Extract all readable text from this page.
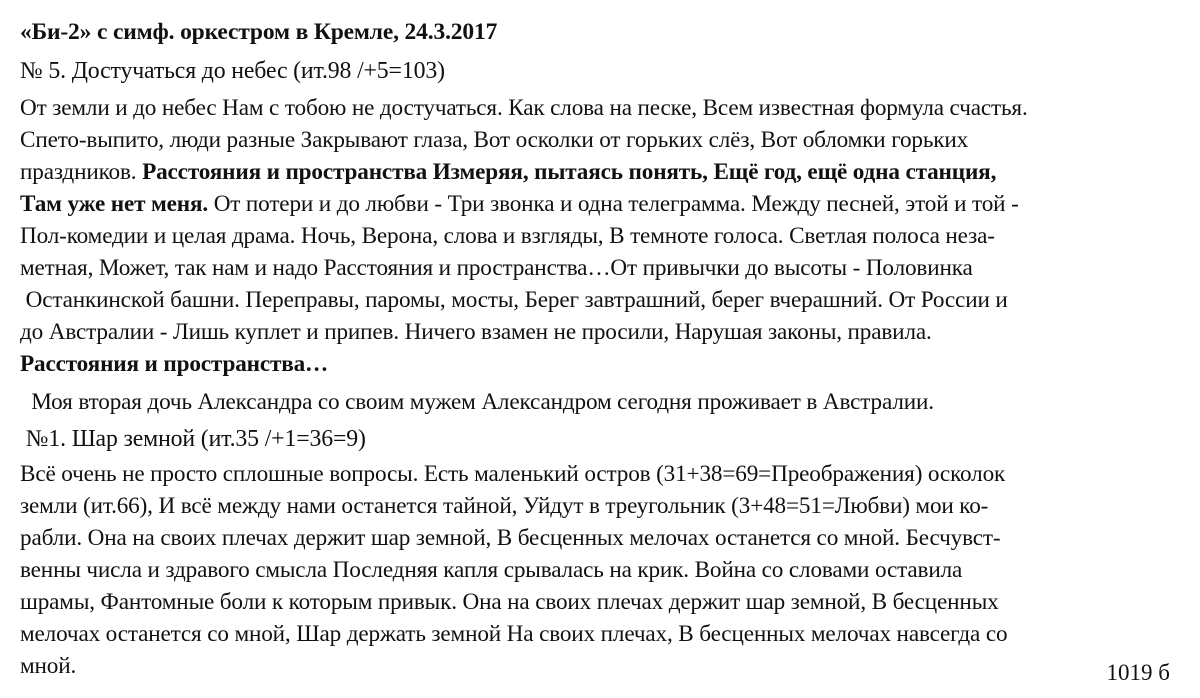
«Би-2» с симф. оркестром в Кремле, 24.3.2017
№ 5. Достучаться до небес (ит.98 /+5=103)
От земли и до небес Нам с тобою не достучаться. Как слова на песке, Всем известная формула счастья.
Спето-выпито, люди разные Закрывают глаза, Вот осколки от горьких слёз, Вот обломки горьких
праздников. Расстояния и пространства Измеряя, пытаясь понять, Ещё год, ещё одна станция,
Там уже нет меня. От потери и до любви - Три звонка и одна телеграмма. Между песней, этой и той -
Пол-комедии и целая драма. Ночь, Верона, слова и взгляды, В темноте голоса. Светлая полоса неза-
метная, Может, так нам и надо Расстояния и пространства…От привычки до высоты - Половинка
Останкинской башни. Переправы, паромы, мосты, Берег завтрашний, берег вчерашний. От России и
до Австралии - Лишь куплет и припев. Ничего взамен не просили, Нарушая законы, правила.
Расстояния и пространства…
Моя вторая дочь Александра со своим мужем Александром сегодня проживает в Австралии.
№1. Шар земной (ит.35 /+1=36=9)
Всё очень не просто сплошные вопросы. Есть маленький остров (31+38=69=Преображения) осколок
земли (ит.66), И всё между нами останется тайной, Уйдут в треугольник (3+48=51=Любви) мои ко-
рабли. Она на своих плечах держит шар земной, В бесценных мелочах останется со мной. Бесчувст-
венны числа и здравого смысла Последняя капля срывалась на крик. Война со словами оставила
шрамы, Фантомные боли к которым привык. Она на своих плечах держит шар земной, В бесценных
мелочах останется со мной, Шар держать земной На своих плечах, В бесценных мелочах навсегда со
мной.	1019 б
